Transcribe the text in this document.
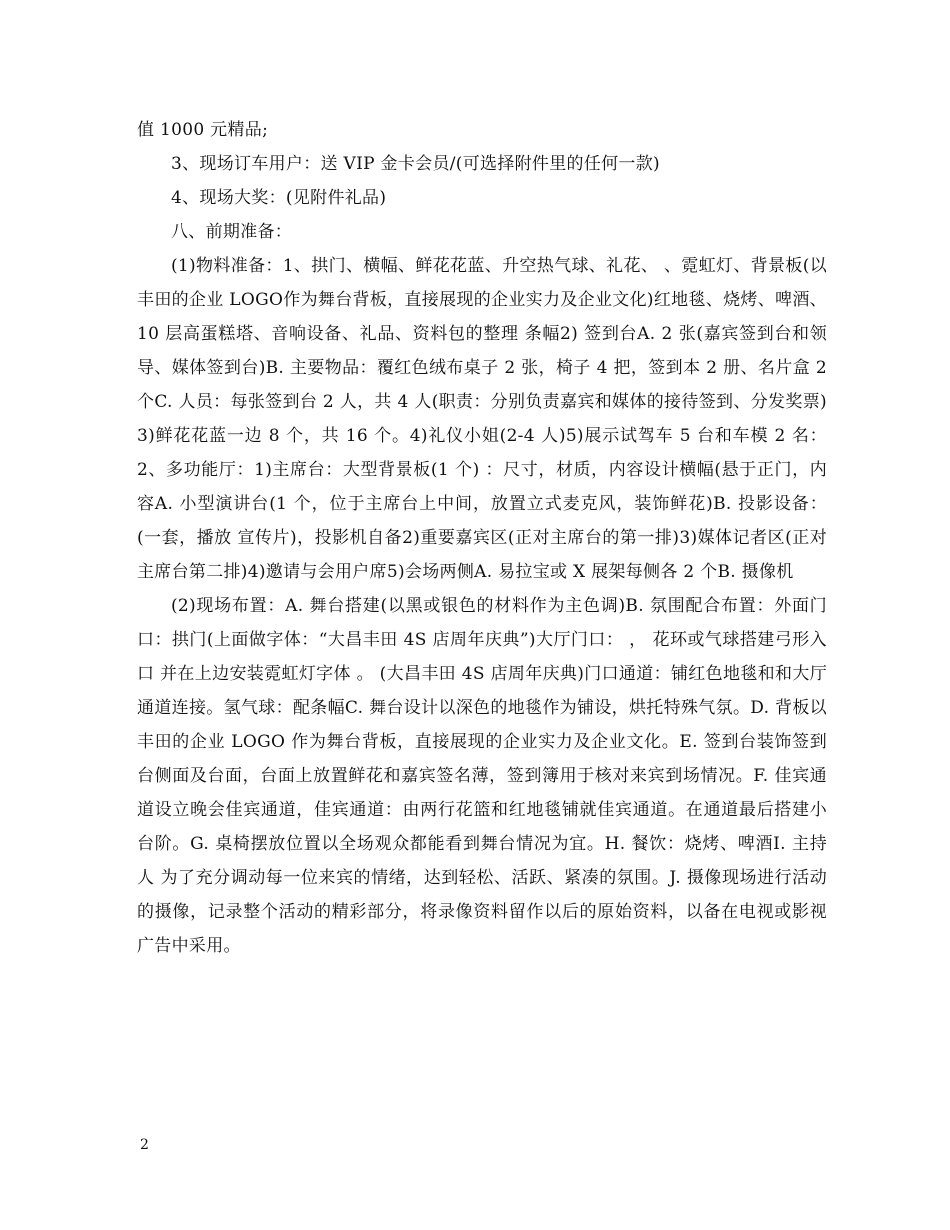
值 1000 元精品;

3、现场订车用户：送 VIP 金卡会员/(可选择附件里的任何一款)

4、现场大奖：(见附件礼品)

八、前期准备：

(1)物料准备：1、拱门、横幅、鲜花花蓝、升空热气球、礼花、 、霓虹灯、背景板(以丰田的企业 LOGO作为舞台背板，直接展现的企业实力及企业文化)红地毯、烧烤、啤酒、10 层高蛋糕塔、音响设备、礼品、资料包的整理 条幅2) 签到台A. 2 张(嘉宾签到台和领导、媒体签到台)B. 主要物品：覆红色绒布桌子 2 张，椅子 4 把，签到本 2 册、名片盒 2 个C. 人员：每张签到台 2 人，共 4 人(职责：分别负责嘉宾和媒体的接待签到、分发奖票)3)鲜花花蓝一边 8 个，共 16 个。4)礼仪小姐(2-4 人)5)展示试驾车 5 台和车模 2 名：2、多功能厅：1)主席台：大型背景板(1 个) ：尺寸，材质，内容设计横幅(悬于正门，内容A. 小型演讲台(1 个，位于主席台上中间，放置立式麦克风，装饰鲜花)B. 投影设备：(一套，播放 宣传片)，投影机自备2)重要嘉宾区(正对主席台的第一排)3)媒体记者区(正对主席台第二排)4)邀请与会用户席5)会场两侧A. 易拉宝或 X 展架每侧各 2 个B. 摄像机

(2)现场布置：A. 舞台搭建(以黑或银色的材料作为主色调)B. 氛围配合布置：外面门口：拱门(上面做字体：“大昌丰田 4S 店周年庆典”)大厅门口： ， 花环或气球搭建弓形入口 并在上边安装霓虹灯字体 。 (大昌丰田 4S 店周年庆典)门口通道：铺红色地毯和和大厅通道连接。氢气球：配条幅C. 舞台设计以深色的地毯作为铺设，烘托特殊气氛。D. 背板以丰田的企业 LOGO 作为舞台背板，直接展现的企业实力及企业文化。E. 签到台装饰签到台侧面及台面，台面上放置鲜花和嘉宾签名薄，签到簿用于核对来宾到场情况。F. 佳宾通道设立晚会佳宾通道，佳宾通道：由两行花篮和红地毯铺就佳宾通道。在通道最后搭建小台阶。G. 桌椅摆放位置以全场观众都能看到舞台情况为宜。H. 餐饮：烧烤、啤酒I. 主持人 为了充分调动每一位来宾的情绪，达到轻松、活跃、紧凑的氛围。J. 摄像现场进行活动的摄像，记录整个活动的精彩部分，将录像资料留作以后的原始资料，以备在电视或影视广告中采用。

2
